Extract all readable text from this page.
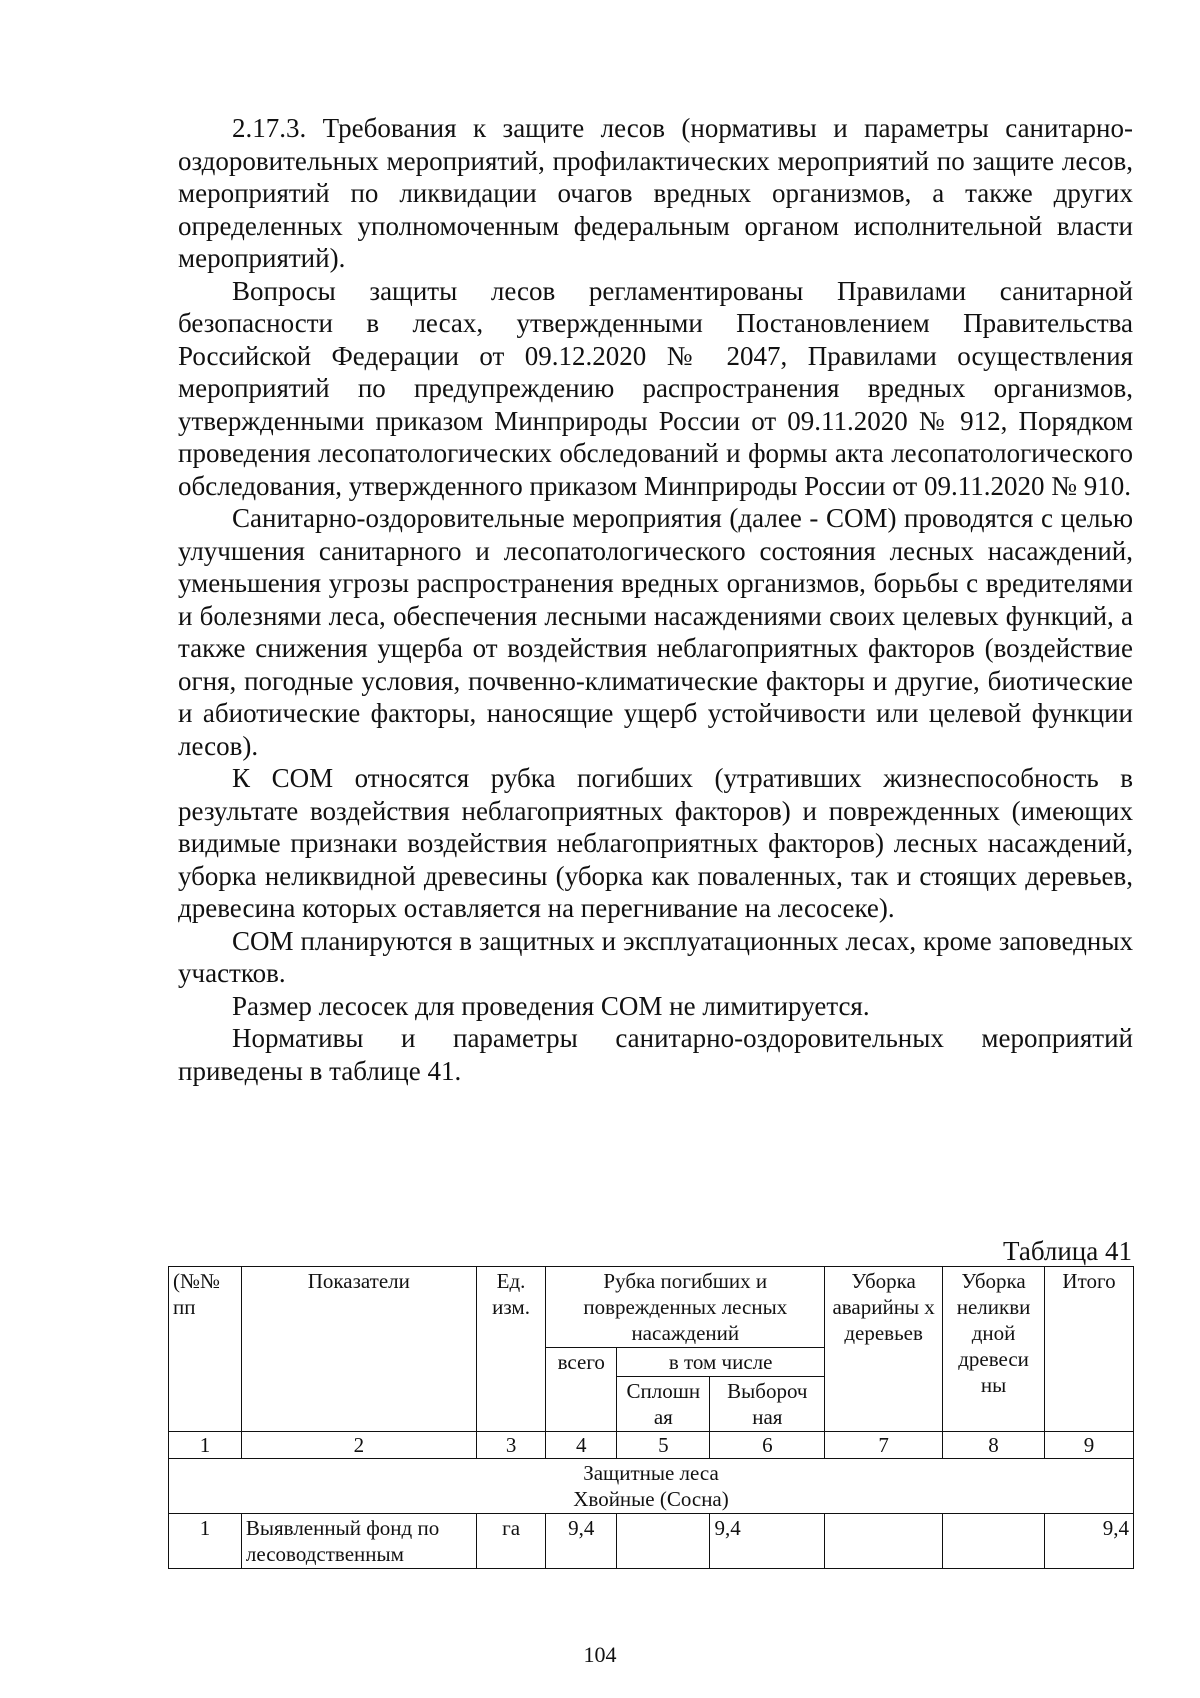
2.17.3. Требования к защите лесов (нормативы и параметры санитарно-оздоровительных мероприятий, профилактических мероприятий по защите лесов, мероприятий по ликвидации очагов вредных организмов, а также других определенных уполномоченным федеральным органом исполнительной власти мероприятий).

Вопросы защиты лесов регламентированы Правилами санитарной безопасности в лесах, утвержденными Постановлением Правительства Российской Федерации от 09.12.2020 № 2047, Правилами осуществления мероприятий по предупреждению распространения вредных организмов, утвержденными приказом Минприроды России от 09.11.2020 № 912, Порядком проведения лесопатологических обследований и формы акта лесопатологического обследования, утвержденного приказом Минприроды России от 09.11.2020 № 910.

Санитарно-оздоровительные мероприятия (далее - СОМ) проводятся с целью улучшения санитарного и лесопатологического состояния лесных насаждений, уменьшения угрозы распространения вредных организмов, борьбы с вредителями и болезнями леса, обеспечения лесными насаждениями своих целевых функций, а также снижения ущерба от воздействия неблагоприятных факторов (воздействие огня, погодные условия, почвенно-климатические факторы и другие, биотические и абиотические факторы, наносящие ущерб устойчивости или целевой функции лесов).

К СОМ относятся рубка погибших (утративших жизнеспособность в результате воздействия неблагоприятных факторов) и поврежденных (имеющих видимые признаки воздействия неблагоприятных факторов) лесных насаждений, уборка неликвидной древесины (уборка как поваленных, так и стоящих деревьев, древесина которых оставляется на перегнивание на лесосеке).

СОМ планируются в защитных и эксплуатационных лесах, кроме заповедных участков.

Размер лесосек для проведения СОМ не лимитируется.

Нормативы и параметры санитарно-оздоровительных мероприятий приведены в таблице 41.

Таблица 41
(№№ пп	Показатели	Ед. изм.	Рубка погибших и поврежденных лесных насаждений			Уборка аварийны х деревьев	Уборка неликви дной древеси ны	Итого
			всего	в том числе				
				Сплошн ая	Выбороч ная			
1	2	3	4	5	6	7	8	9

Защитные леса
Хвойные (Сосна)								

1	Выявленный фонд по лесоводственным	га	9,4		9,4			9,4
104
